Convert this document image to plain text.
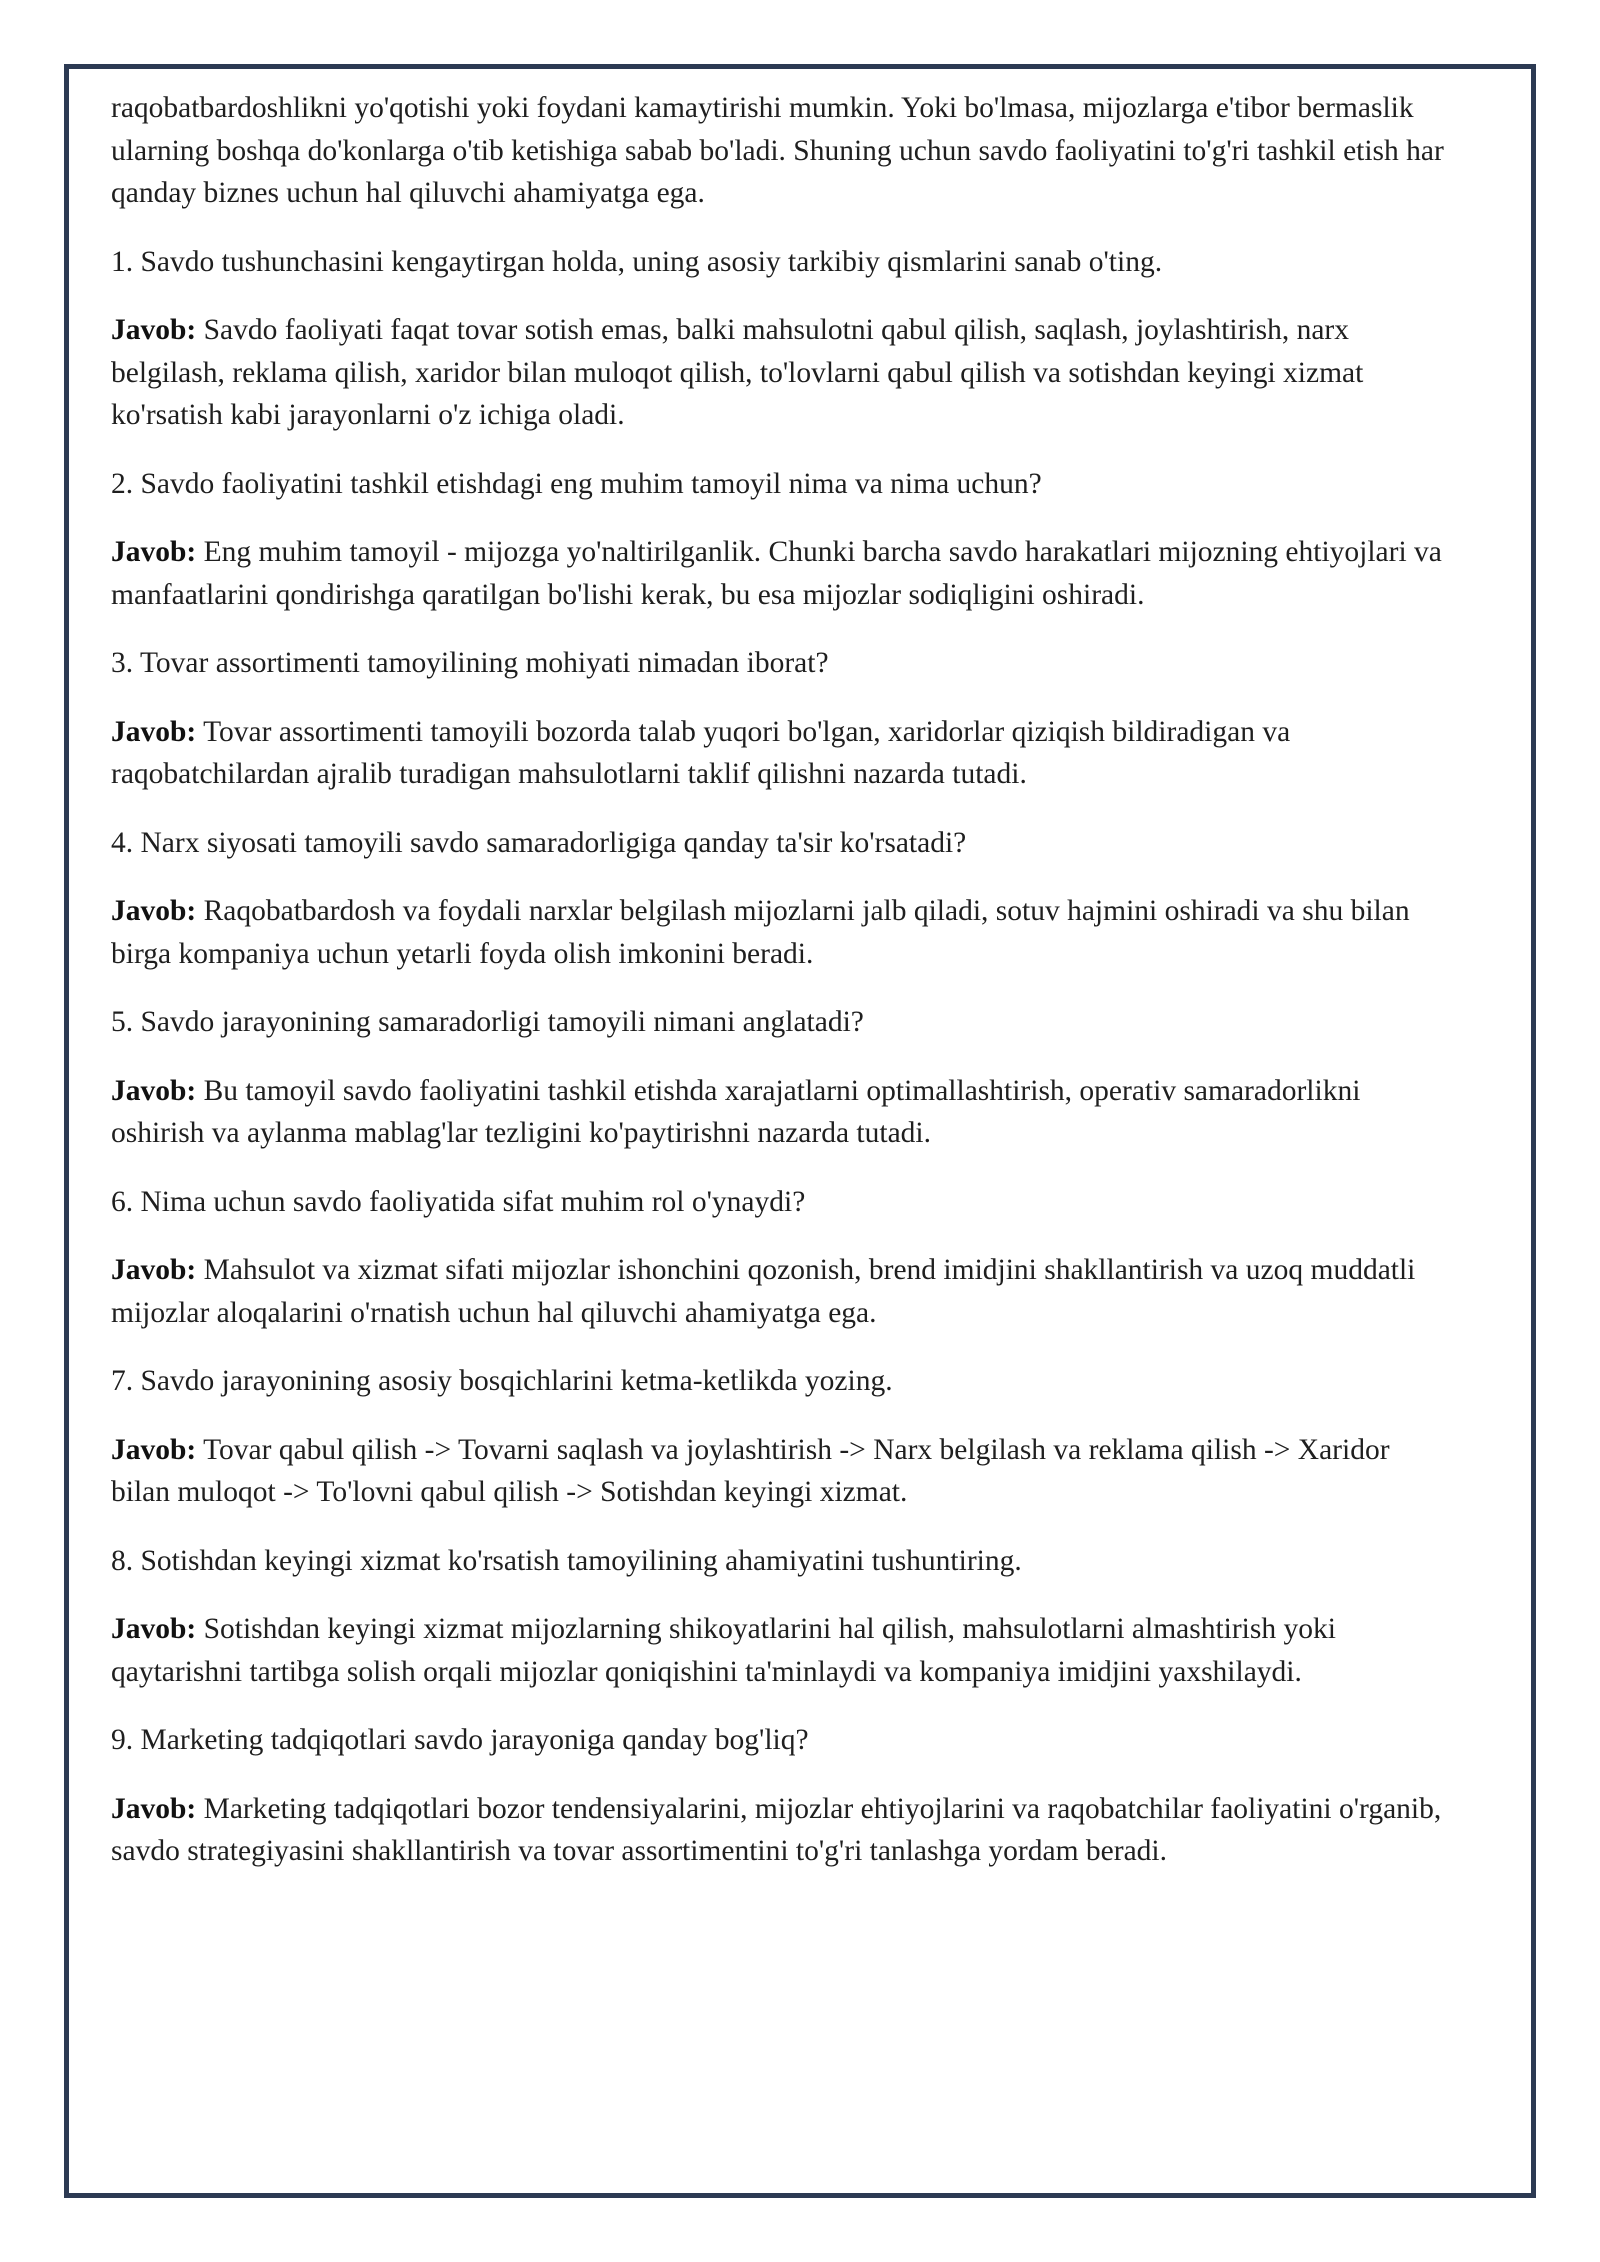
raqobatbardoshlikni yo'qotishi yoki foydani kamaytirishi mumkin. Yoki bo'lmasa, mijozlarga e'tibor bermaslik ularning boshqa do'konlarga o'tib ketishiga sabab bo'ladi. Shuning uchun savdo faoliyatini to'g'ri tashkil etish har qanday biznes uchun hal qiluvchi ahamiyatga ega.

1. Savdo tushunchasini kengaytirgan holda, uning asosiy tarkibiy qismlarini sanab o'ting.

Javob: Savdo faoliyati faqat tovar sotish emas, balki mahsulotni qabul qilish, saqlash, joylashtirish, narx belgilash, reklama qilish, xaridor bilan muloqot qilish, to'lovlarni qabul qilish va sotishdan keyingi xizmat ko'rsatish kabi jarayonlarni o'z ichiga oladi.

2. Savdo faoliyatini tashkil etishdagi eng muhim tamoyil nima va nima uchun?

Javob: Eng muhim tamoyil - mijozga yo'naltirilganlik. Chunki barcha savdo harakatlari mijozning ehtiyojlari va manfaatlarini qondirishga qaratilgan bo'lishi kerak, bu esa mijozlar sodiqligini oshiradi.

3. Tovar assortimenti tamoyilining mohiyati nimadan iborat?

Javob: Tovar assortimenti tamoyili bozorda talab yuqori bo'lgan, xaridorlar qiziqish bildiradigan va raqobatchilardan ajralib turadigan mahsulotlarni taklif qilishni nazarda tutadi.

4. Narx siyosati tamoyili savdo samaradorligiga qanday ta'sir ko'rsatadi?

Javob: Raqobatbardosh va foydali narxlar belgilash mijozlarni jalb qiladi, sotuv hajmini oshiradi va shu bilan birga kompaniya uchun yetarli foyda olish imkonini beradi.

5. Savdo jarayonining samaradorligi tamoyili nimani anglatadi?

Javob: Bu tamoyil savdo faoliyatini tashkil etishda xarajatlarni optimallashtirish, operativ samaradorlikni oshirish va aylanma mablag'lar tezligini ko'paytirishni nazarda tutadi.

6. Nima uchun savdo faoliyatida sifat muhim rol o'ynaydi?

Javob: Mahsulot va xizmat sifati mijozlar ishonchini qozonish, brend imidjini shakllantirish va uzoq muddatli mijozlar aloqalarini o'rnatish uchun hal qiluvchi ahamiyatga ega.

7. Savdo jarayonining asosiy bosqichlarini ketma-ketlikda yozing.

Javob: Tovar qabul qilish -> Tovarni saqlash va joylashtirish -> Narx belgilash va reklama qilish -> Xaridor bilan muloqot -> To'lovni qabul qilish -> Sotishdan keyingi xizmat.

8. Sotishdan keyingi xizmat ko'rsatish tamoyilining ahamiyatini tushuntiring.

Javob: Sotishdan keyingi xizmat mijozlarning shikoyatlarini hal qilish, mahsulotlarni almashtirish yoki qaytarishni tartibga solish orqali mijozlar qoniqishini ta'minlaydi va kompaniya imidjini yaxshilaydi.

9. Marketing tadqiqotlari savdo jarayoniga qanday bog'liq?

Javob: Marketing tadqiqotlari bozor tendensiyalarini, mijozlar ehtiyojlarini va raqobatchilar faoliyatini o'rganib, savdo strategiyasini shakllantirish va tovar assortimentini to'g'ri tanlashga yordam beradi.
